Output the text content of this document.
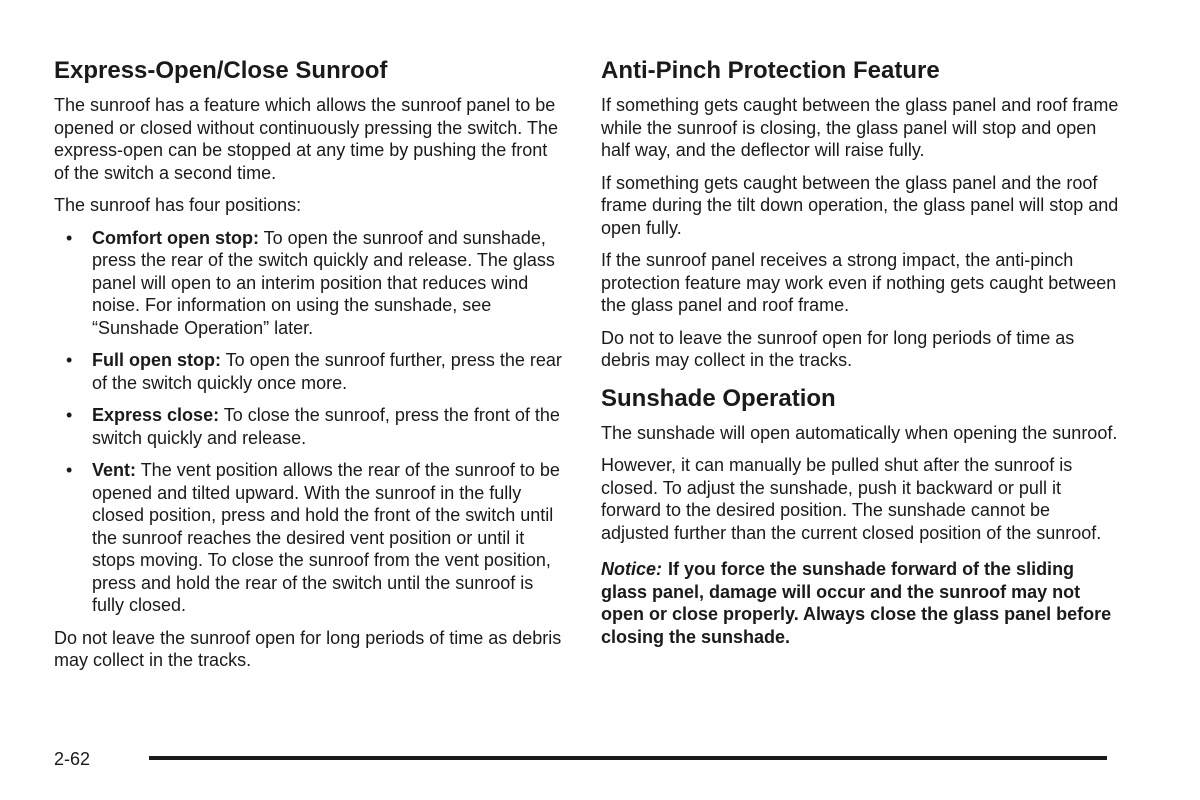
Express-Open/Close Sunroof

The sunroof has a feature which allows the sunroof panel to be opened or closed without continuously pressing the switch. The express-open can be stopped at any time by pushing the front of the switch a second time.

The sunroof has four positions:

• Comfort open stop: To open the sunroof and sunshade, press the rear of the switch quickly and release. The glass panel will open to an interim position that reduces wind noise. For information on using the sunshade, see “Sunshade Operation” later.
• Full open stop: To open the sunroof further, press the rear of the switch quickly once more.
• Express close: To close the sunroof, press the front of the switch quickly and release.
• Vent: The vent position allows the rear of the sunroof to be opened and tilted upward. With the sunroof in the fully closed position, press and hold the front of the switch until the sunroof reaches the desired vent position or until it stops moving. To close the sunroof from the vent position, press and hold the rear of the switch until the sunroof is fully closed.

Do not leave the sunroof open for long periods of time as debris may collect in the tracks.

Anti-Pinch Protection Feature

If something gets caught between the glass panel and roof frame while the sunroof is closing, the glass panel will stop and open half way, and the deflector will raise fully.

If something gets caught between the glass panel and the roof frame during the tilt down operation, the glass panel will stop and open fully.

If the sunroof panel receives a strong impact, the anti-pinch protection feature may work even if nothing gets caught between the glass panel and roof frame.

Do not to leave the sunroof open for long periods of time as debris may collect in the tracks.

Sunshade Operation

The sunshade will open automatically when opening the sunroof.

However, it can manually be pulled shut after the sunroof is closed. To adjust the sunshade, push it backward or pull it forward to the desired position. The sunshade cannot be adjusted further than the current closed position of the sunroof.

Notice: If you force the sunshade forward of the sliding glass panel, damage will occur and the sunroof may not open or close properly. Always close the glass panel before closing the sunshade.
2-62
